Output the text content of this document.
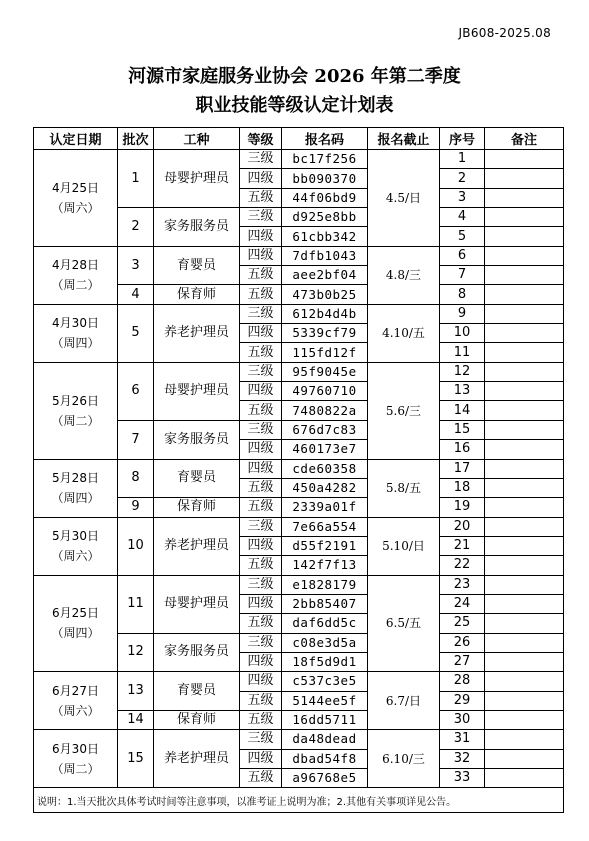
JB608-2025.08
河源市家庭服务业协会 2026 年第二季度
职业技能等级认定计划表
认定日期	批次	工种	等级	报名码	报名截止	序号	备注
4月25日
（周六）	1	母婴护理员	三级	bc17f256	4.5/日	1	
			四级	bb090370		2	
			五级	44f06bd9		3	
	2	家务服务员	三级	d925e8bb		4	
			四级	61cbb342		5	
4月28日
（周二）	3	育婴员	四级	7dfb1043	4.8/三	6	
			五级	aee2bf04		7	
	4	保育师	五级	473b0b25		8	
4月30日
（周四）	5	养老护理员	三级	612b4d4b	4.10/五	9	
			四级	5339cf79		10	
			五级	115fd12f		11	
5月26日
（周二）	6	母婴护理员	三级	95f9045e	5.6/三	12	
			四级	49760710		13	
			五级	7480822a		14	
	7	家务服务员	三级	676d7c83		15	
			四级	460173e7		16	
5月28日
（周四）	8	育婴员	四级	cde60358	5.8/五	17	
			五级	450a4282		18	
	9	保育师	五级	2339a01f		19	
5月30日
（周六）	10	养老护理员	三级	7e66a554	5.10/日	20	
			四级	d55f2191		21	
			五级	142f7f13		22	
6月25日
（周四）	11	母婴护理员	三级	e1828179	6.5/五	23	
			四级	2bb85407		24	
			五级	daf6dd5c		25	
	12	家务服务员	三级	c08e3d5a		26	
			四级	18f5d9d1		27	
6月27日
（周六）	13	育婴员	四级	c537c3e5	6.7/日	28	
			五级	5144ee5f		29	
	14	保育师	五级	16dd5711		30	
6月30日
（周二）	15	养老护理员	三级	da48dead	6.10/三	31	
			四级	dbad54f8		32	
			五级	a96768e5		33	
说明：1.当天批次具体考试时间等注意事项，以准考证上说明为准；2.其他有关事项详见公告。							
